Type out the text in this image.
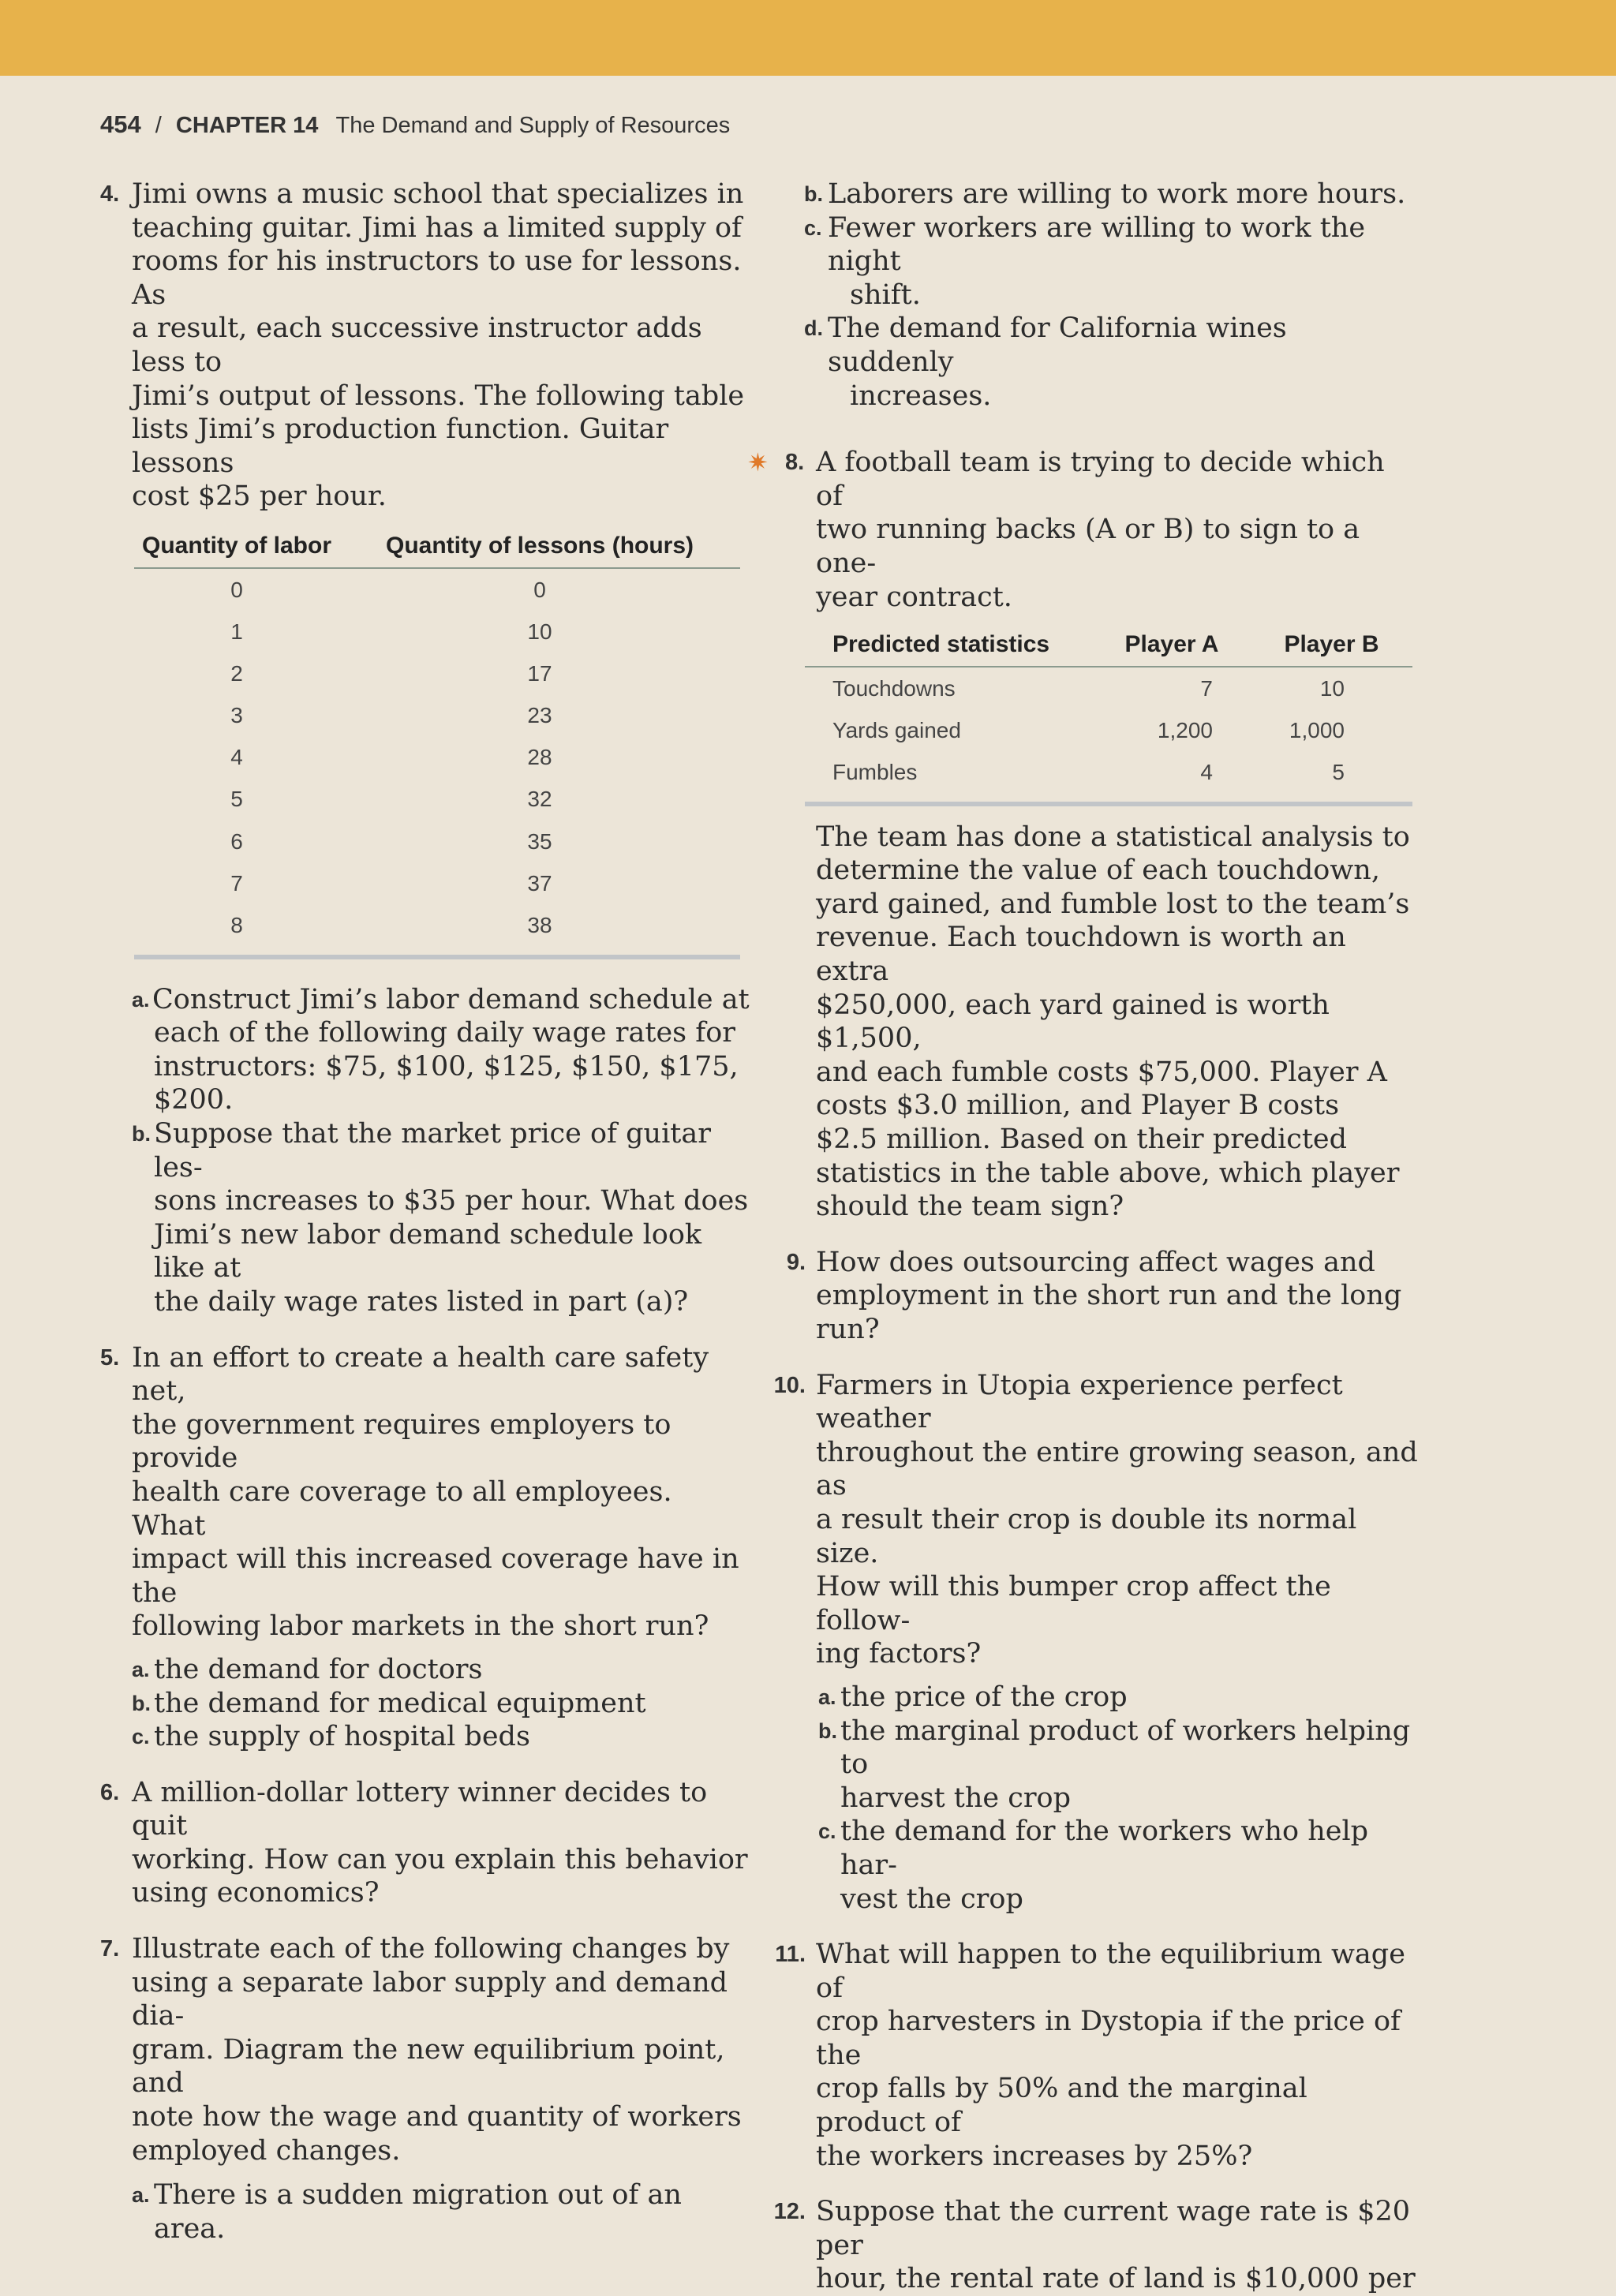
454 / CHAPTER 14 The Demand and Supply of Resources
4. Jimi owns a music school that specializes in
teaching guitar. Jimi has a limited supply of
rooms for his instructors to use for lessons. As
a result, each successive instructor adds less to
Jimi’s output of lessons. The following table
lists Jimi’s production function. Guitar lessons
cost $25 per hour.
Quantity of labor	Quantity of lessons (hours)
0	0
1	10
2	17
3	23
4	28
5	32
6	35
7	37
8	38
a. Construct Jimi’s labor demand schedule at
each of the following daily wage rates for
instructors: $75, $100, $125, $150, $175, $200.
b. Suppose that the market price of guitar les-
sons increases to $35 per hour. What does
Jimi’s new labor demand schedule look like at
the daily wage rates listed in part (a)?
5. In an effort to create a health care safety net,
the government requires employers to provide
health care coverage to all employees. What
impact will this increased coverage have in the
following labor markets in the short run?
a. the demand for doctors
b. the demand for medical equipment
c. the supply of hospital beds
6. A million-dollar lottery winner decides to quit
working. How can you explain this behavior
using economics?
7. Illustrate each of the following changes by
using a separate labor supply and demand dia-
gram. Diagram the new equilibrium point, and
note how the wage and quantity of workers
employed changes.
a. There is a sudden migration out of an area.
b. Laborers are willing to work more hours.
c. Fewer workers are willing to work the night
shift.
d. The demand for California wines suddenly
increases.
✷ 8. A football team is trying to decide which of
two running backs (A or B) to sign to a one-
year contract.
Predicted statistics	Player A	Player B
Touchdowns	7	10
Yards gained	1,200	1,000
Fumbles	4	5
The team has done a statistical analysis to
determine the value of each touchdown,
yard gained, and fumble lost to the team’s
revenue. Each touchdown is worth an extra
$250,000, each yard gained is worth $1,500,
and each fumble costs $75,000. Player A
costs $3.0 million, and Player B costs
$2.5 million. Based on their predicted
statistics in the table above, which player
should the team sign?
9. How does outsourcing affect wages and
employment in the short run and the long
run?
10. Farmers in Utopia experience perfect weather
throughout the entire growing season, and as
a result their crop is double its normal size.
How will this bumper crop affect the follow-
ing factors?
a. the price of the crop
b. the marginal product of workers helping to
harvest the crop
c. the demand for the workers who help har-
vest the crop
11. What will happen to the equilibrium wage of
crop harvesters in Dystopia if the price of the
crop falls by 50% and the marginal product of
the workers increases by 25%?
12. Suppose that the current wage rate is $20 per
hour, the rental rate of land is $10,000 per
